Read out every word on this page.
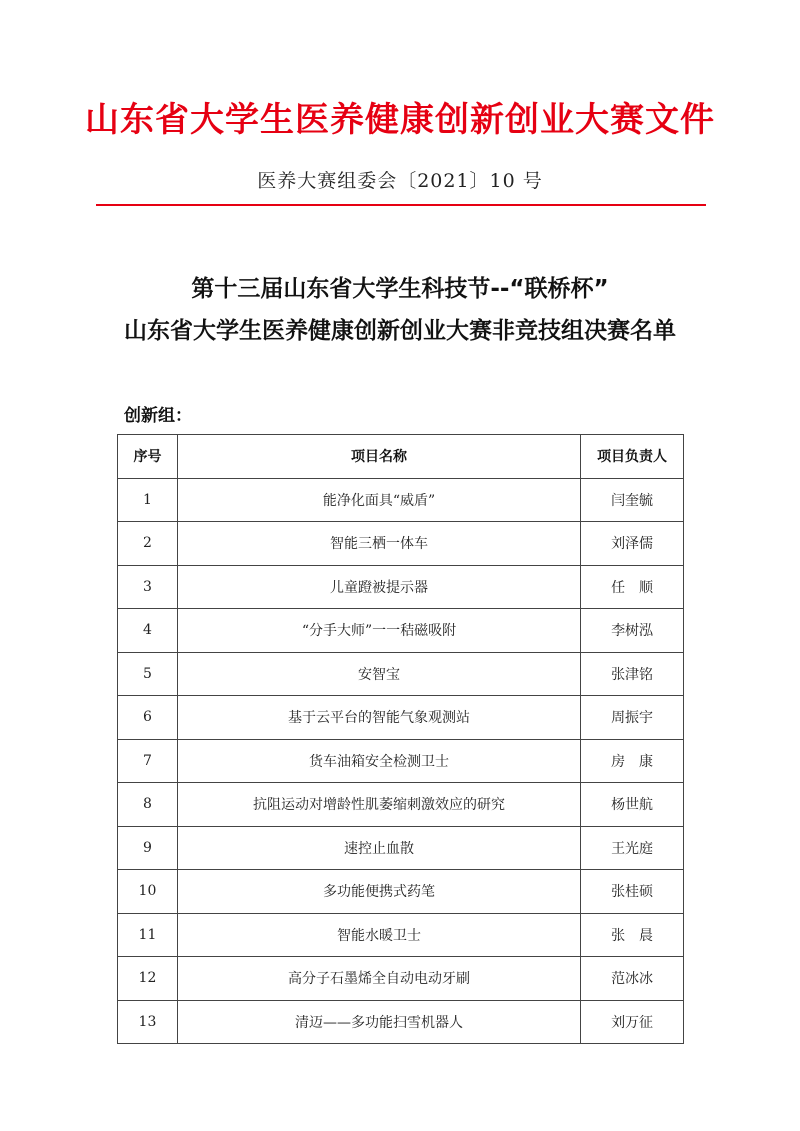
山东省大学生医养健康创新创业大赛文件
医养大赛组委会〔2021〕10 号
第十三届山东省大学生科技节--“联桥杯”
山东省大学生医养健康创新创业大赛非竞技组决赛名单
创新组：
序号	项目名称	项目负责人
1	能净化面具“威盾”	闫奎毓
2	智能三栖一体车	刘泽儒
3	儿童蹬被提示器	任　顺
4	“分手大师”一一秸磁吸附	李树泓
5	安智宝	张津铭
6	基于云平台的智能气象观测站	周振宇
7	货车油箱安全检测卫士	房　康
8	抗阻运动对增龄性肌萎缩刺激效应的研究	杨世航
9	速控止血散	王光庭
10	多功能便携式药笔	张桂硕
11	智能水暖卫士	张　晨
12	高分子石墨烯全自动电动牙刷	范冰冰
13	清迈——多功能扫雪机器人	刘万征
